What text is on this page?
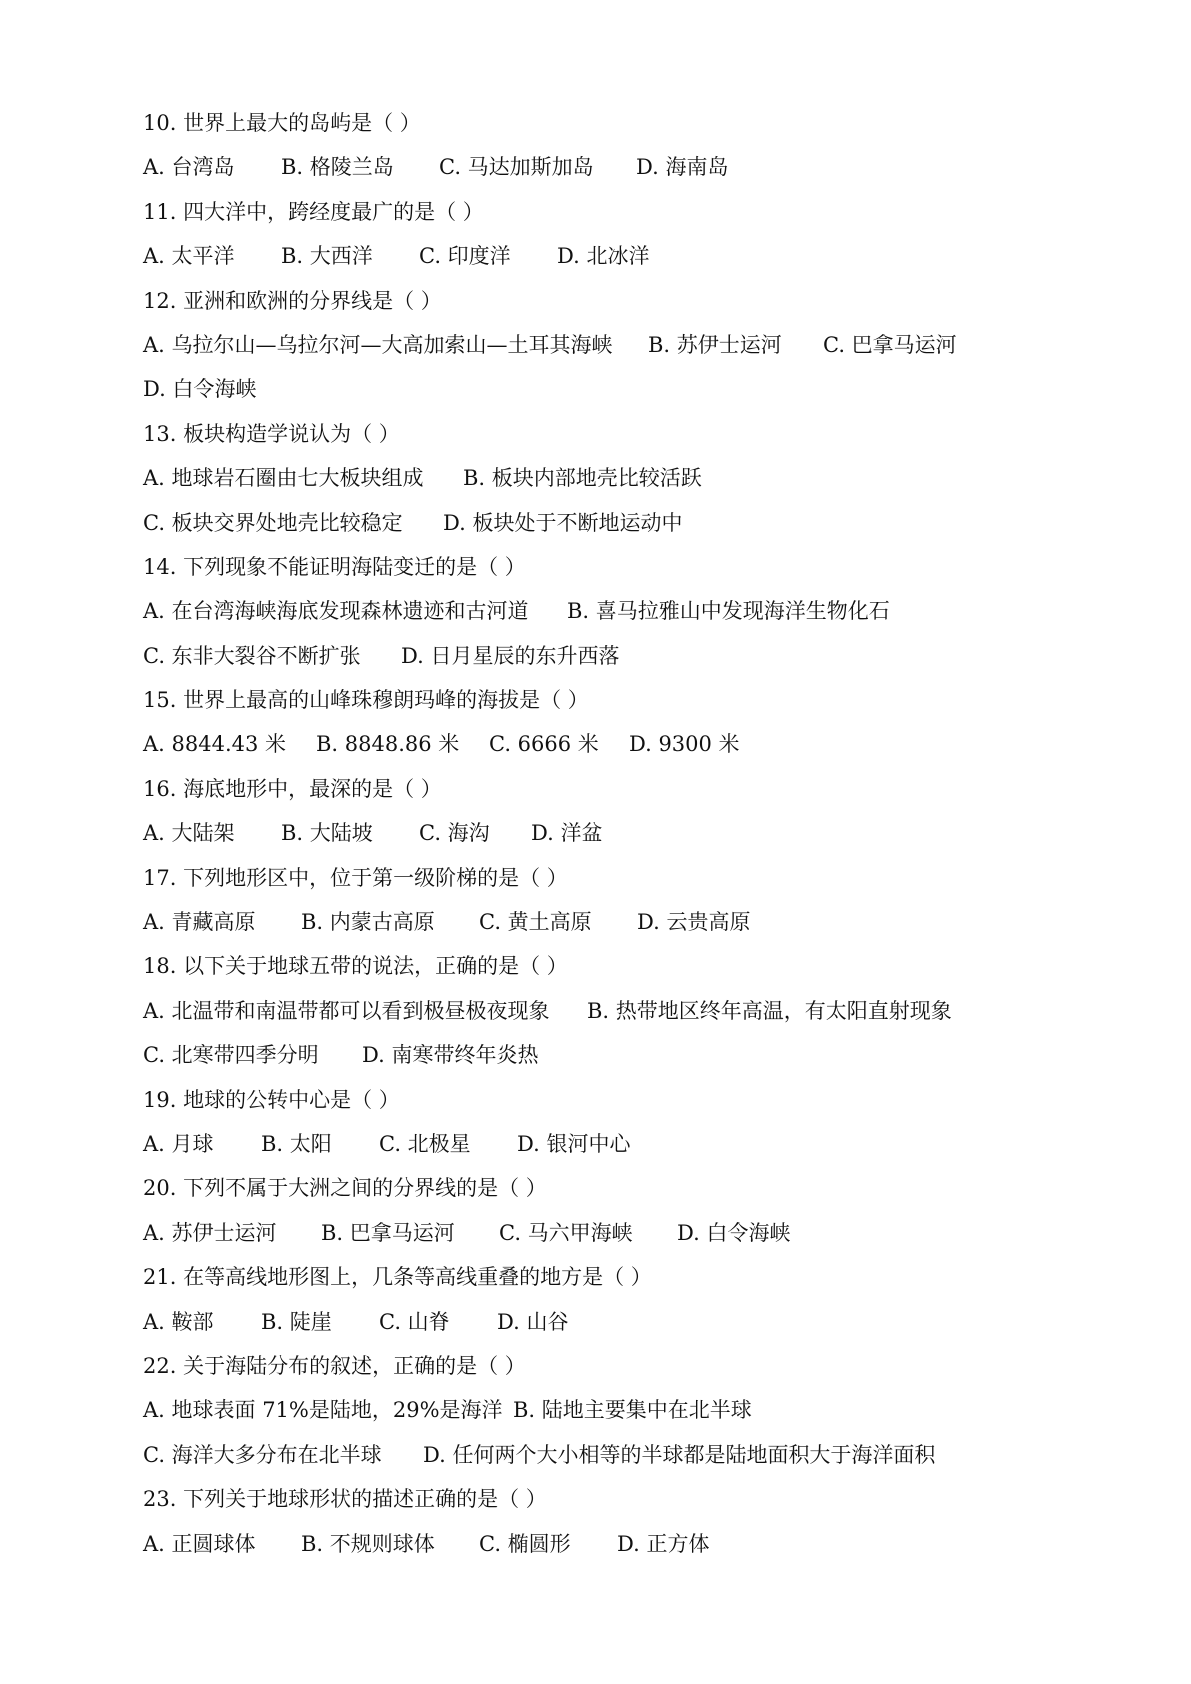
10. 世界上最大的岛屿是（ ）
A. 台湾岛 B. 格陵兰岛 C. 马达加斯加岛 D. 海南岛
11. 四大洋中，跨经度最广的是（ ）
A. 太平洋 B. 大西洋 C. 印度洋 D. 北冰洋
12. 亚洲和欧洲的分界线是（ ）
A. 乌拉尔山—乌拉尔河—大高加索山—土耳其海峡 B. 苏伊士运河 C. 巴拿马运河
D. 白令海峡
13. 板块构造学说认为（ ）
A. 地球岩石圈由七大板块组成 B. 板块内部地壳比较活跃
C. 板块交界处地壳比较稳定 D. 板块处于不断地运动中
14. 下列现象不能证明海陆变迁的是（ ）
A. 在台湾海峡海底发现森林遗迹和古河道 B. 喜马拉雅山中发现海洋生物化石
C. 东非大裂谷不断扩张 D. 日月星辰的东升西落
15. 世界上最高的山峰珠穆朗玛峰的海拔是（ ）
A. 8844.43 米 B. 8848.86 米 C. 6666 米 D. 9300 米
16. 海底地形中，最深的是（ ）
A. 大陆架 B. 大陆坡 C. 海沟 D. 洋盆
17. 下列地形区中，位于第一级阶梯的是（ ）
A. 青藏高原 B. 内蒙古高原 C. 黄土高原 D. 云贵高原
18. 以下关于地球五带的说法，正确的是（ ）
A. 北温带和南温带都可以看到极昼极夜现象 B. 热带地区终年高温，有太阳直射现象
C. 北寒带四季分明 D. 南寒带终年炎热
19. 地球的公转中心是（ ）
A. 月球 B. 太阳 C. 北极星 D. 银河中心
20. 下列不属于大洲之间的分界线的是（ ）
A. 苏伊士运河 B. 巴拿马运河 C. 马六甲海峡 D. 白令海峡
21. 在等高线地形图上，几条等高线重叠的地方是（ ）
A. 鞍部 B. 陡崖 C. 山脊 D. 山谷
22. 关于海陆分布的叙述，正确的是（ ）
A. 地球表面 71%是陆地，29%是海洋 B. 陆地主要集中在北半球
C. 海洋大多分布在北半球 D. 任何两个大小相等的半球都是陆地面积大于海洋面积
23. 下列关于地球形状的描述正确的是（ ）
A. 正圆球体 B. 不规则球体 C. 椭圆形 D. 正方体
